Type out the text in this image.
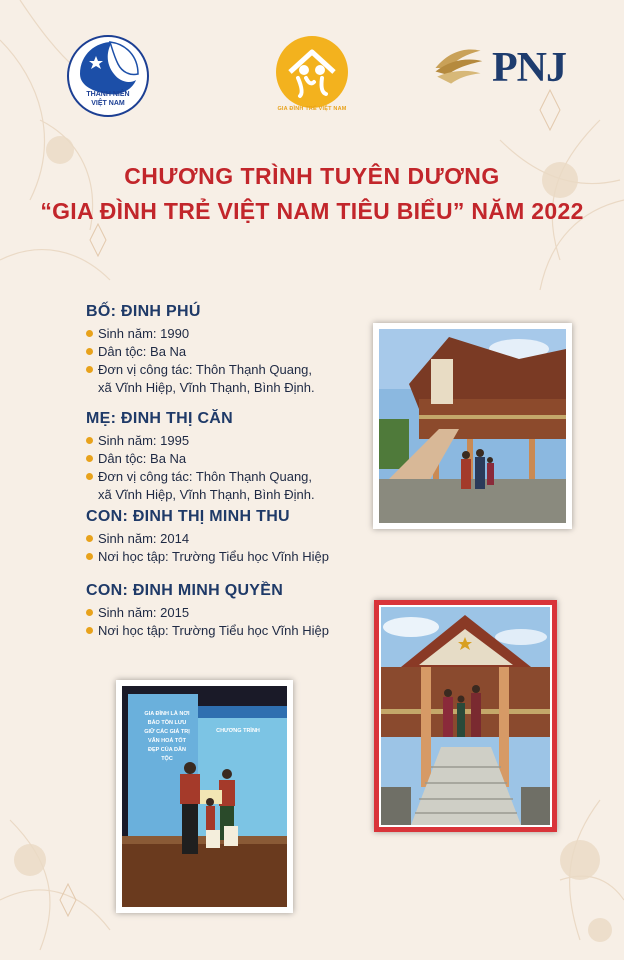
THANH NIÊN
VIỆT NAM
GIA ĐÌNH TRẺ VIỆT NAM
PNJ
CHƯƠNG TRÌNH TUYÊN DƯƠNG
“GIA ĐÌNH TRẺ VIỆT NAM TIÊU BIỂU” NĂM 2022
BỐ: ĐINH PHÚ
Sinh năm: 1990
Dân tộc: Ba Na
Đơn vị công tác: Thôn Thạnh Quang,
xã Vĩnh Hiệp, Vĩnh Thạnh, Bình Định.
MẸ: ĐINH THỊ CĂN
Sinh năm: 1995
Dân tộc: Ba Na
Đơn vị công tác: Thôn Thạnh Quang,
xã Vĩnh Hiệp, Vĩnh Thạnh, Bình Định.
CON: ĐINH THỊ MINH THU
Sinh năm: 2014
Nơi học tập: Trường Tiểu học Vĩnh Hiệp
CON: ĐINH MINH QUYỀN
Sinh năm: 2015
Nơi học tập: Trường Tiểu học Vĩnh Hiệp
GIA ĐÌNH LÀ NƠI BẢO TỒN LƯU GIỮ CÁC GIÁ TRỊ VĂN HOÁ TỐT ĐẸP CỦA DÂN TỘC
CHƯƠNG TRÌNH
